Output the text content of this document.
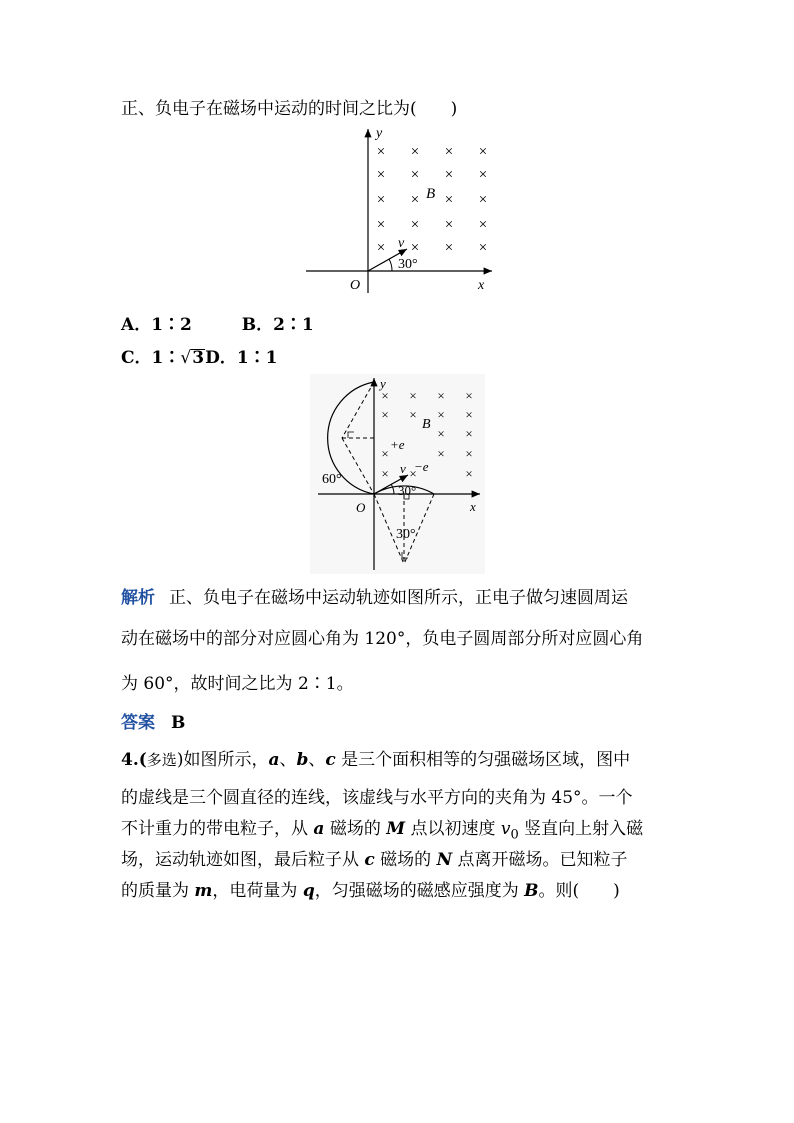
正、负电子在磁场中运动的时间之比为(　　)
y
x
O
× × × ×
× × × ×
× × × ×
× × × ×
× × × ×
B
v
30°
A．1∶2	B．2∶1
C．1∶√3D．1∶1
y
x
O
× × × ×
× × × ×
× ×
×	× ×
× ×	×
B
v
+e
−e
60°
30°
30°
解析 正、负电子在磁场中运动轨迹如图所示，正电子做匀速圆周运
动在磁场中的部分对应圆心角为 120°，负电子圆周部分所对应圆心角
为 60°，故时间之比为 2∶1。
答案 B
4.(多选)如图所示，a、b、c 是三个面积相等的匀强磁场区域，图中
的虚线是三个圆直径的连线，该虚线与水平方向的夹角为 45°。一个
不计重力的带电粒子，从 a 磁场的 M 点以初速度 $v_0$ 竖直向上射入磁
场，运动轨迹如图，最后粒子从 c 磁场的 N 点离开磁场。已知粒子
的质量为 m，电荷量为 q，匀强磁场的磁感应强度为 B。则(　　)
